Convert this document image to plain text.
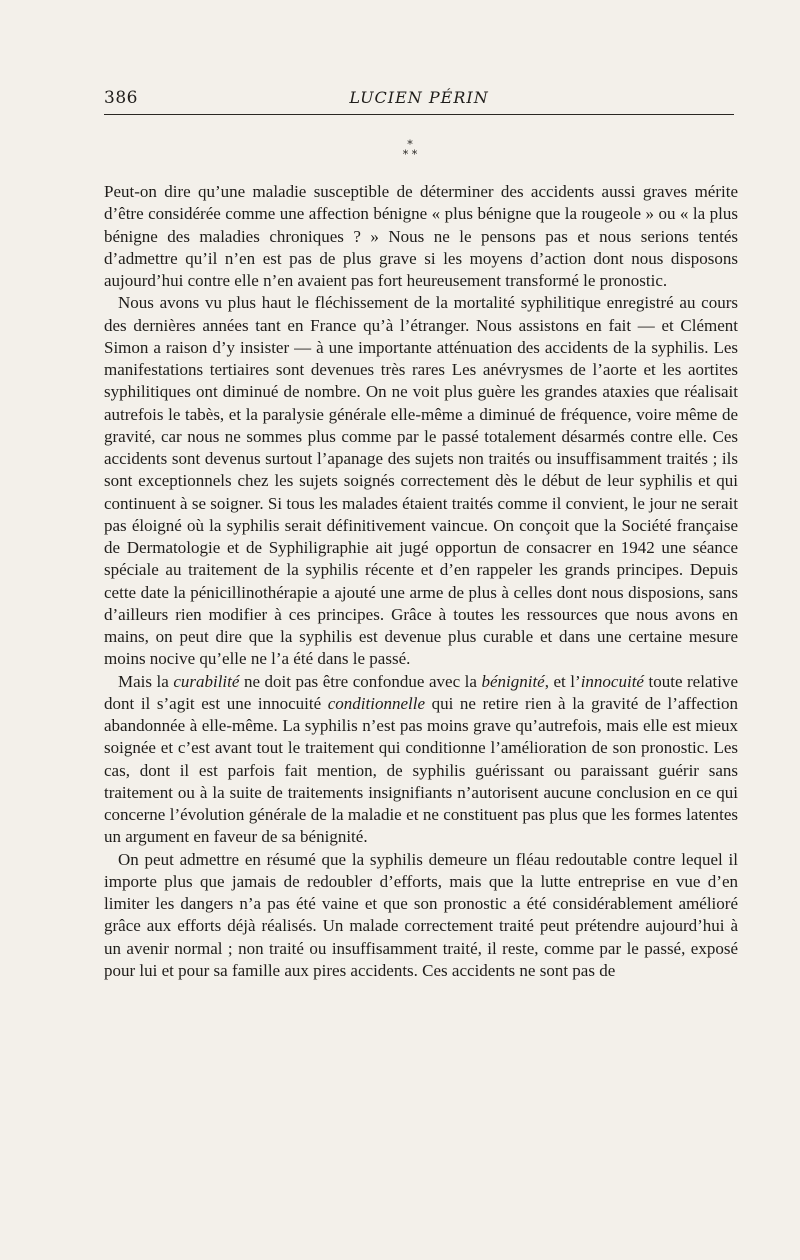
386	LUCIEN PÉRIN
*
* *

Peut-on dire qu’une maladie susceptible de déterminer des accidents aussi graves mérite d’être considérée comme une affection bénigne « plus bénigne que la rougeole » ou « la plus bénigne des maladies chroniques ? » Nous ne le pensons pas et nous serions tentés d’admettre qu’il n’en est pas de plus grave si les moyens d’action dont nous disposons aujourd’hui contre elle n’en avaient pas fort heureusement transformé le pronostic.

Nous avons vu plus haut le fléchissement de la mortalité syphilitique enregistré au cours des dernières années tant en France qu’à l’étranger. Nous assistons en fait — et Clément Simon a raison d’y insister — à une importante atténuation des accidents de la syphilis. Les manifestations tertiaires sont devenues très rares Les anévrysmes de l’aorte et les aortites syphilitiques ont diminué de nombre. On ne voit plus guère les grandes ataxies que réalisait autrefois le tabès, et la paralysie générale elle-même a diminué de fréquence, voire même de gravité, car nous ne sommes plus comme par le passé totalement désarmés contre elle. Ces accidents sont devenus surtout l’apanage des sujets non traités ou insuffisamment traités ; ils sont exceptionnels chez les sujets soignés correctement dès le début de leur syphilis et qui continuent à se soigner. Si tous les malades étaient traités comme il convient, le jour ne serait pas éloigné où la syphilis serait définitivement vaincue. On conçoit que la Société française de Dermatologie et de Syphiligraphie ait jugé opportun de consacrer en 1942 une séance spéciale au traitement de la syphilis récente et d’en rappeler les grands principes. Depuis cette date la pénicillinothérapie a ajouté une arme de plus à celles dont nous disposions, sans d’ailleurs rien modifier à ces principes. Grâce à toutes les ressources que nous avons en mains, on peut dire que la syphilis est devenue plus curable et dans une certaine mesure moins nocive qu’elle ne l’a été dans le passé.

Mais la curabilité ne doit pas être confondue avec la bénignité, et l’innocuité toute relative dont il s’agit est une innocuité conditionnelle qui ne retire rien à la gravité de l’affection abandonnée à elle-même. La syphilis n’est pas moins grave qu’autrefois, mais elle est mieux soignée et c’est avant tout le traitement qui conditionne l’amélioration de son pronostic. Les cas, dont il est parfois fait mention, de syphilis guérissant ou paraissant guérir sans traitement ou à la suite de traitements insignifiants n’autorisent aucune conclusion en ce qui concerne l’évolution générale de la maladie et ne constituent pas plus que les formes latentes un argument en faveur de sa bénignité.

On peut admettre en résumé que la syphilis demeure un fléau redoutable contre lequel il importe plus que jamais de redoubler d’efforts, mais que la lutte entreprise en vue d’en limiter les dangers n’a pas été vaine et que son pronostic a été considérablement amélioré grâce aux efforts déjà réalisés. Un malade correctement traité peut prétendre aujourd’hui à un avenir normal ; non traité ou insuffisamment traité, il reste, comme par le passé, exposé pour lui et pour sa famille aux pires accidents. Ces accidents ne sont pas de
